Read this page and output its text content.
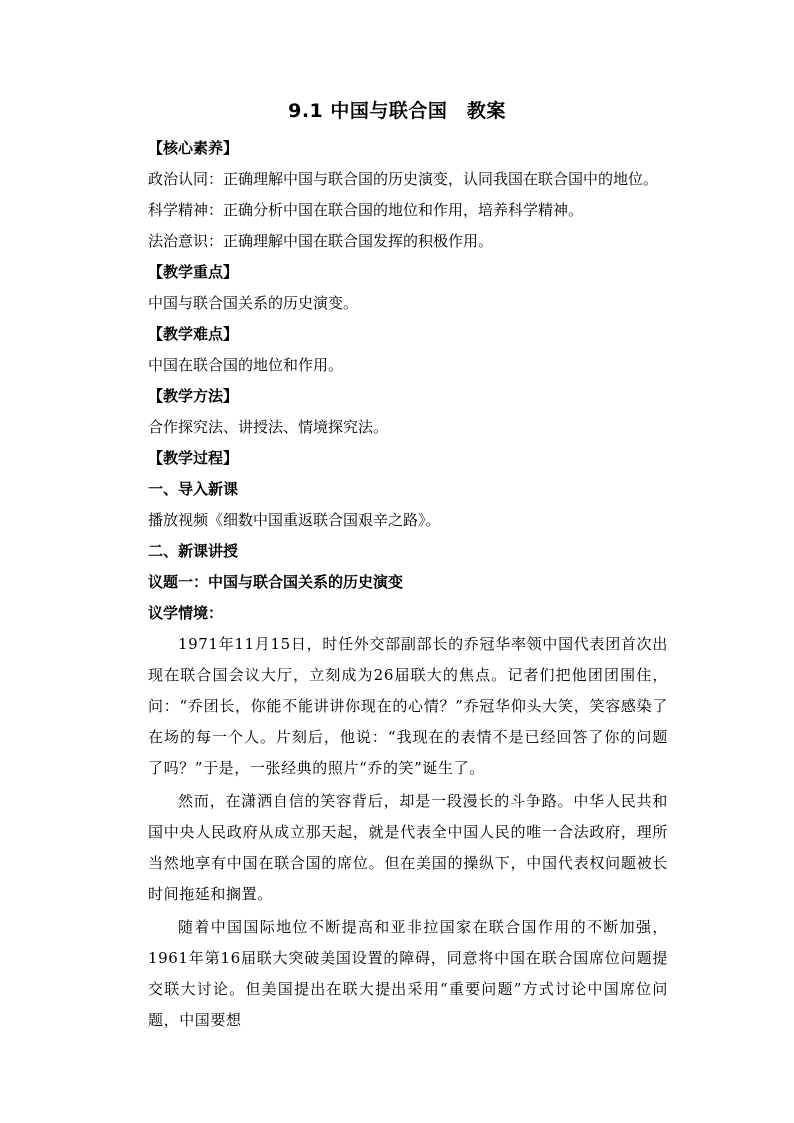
9.1 中国与联合国　教案

【核心素养】

政治认同：正确理解中国与联合国的历史演变，认同我国在联合国中的地位。

科学精神：正确分析中国在联合国的地位和作用，培养科学精神。

法治意识：正确理解中国在联合国发挥的积极作用。

【教学重点】

中国与联合国关系的历史演变。

【教学难点】

中国在联合国的地位和作用。

【教学方法】

合作探究法、讲授法、情境探究法。

【教学过程】

一、导入新课

播放视频《细数中国重返联合国艰辛之路》。

二、新课讲授

议题一：中国与联合国关系的历史演变

议学情境：

1971年11月15日，时任外交部副部长的乔冠华率领中国代表团首次出现在联合国会议大厅，立刻成为26届联大的焦点。记者们把他团团围住，问：“乔团长，你能不能讲讲你现在的心情？”乔冠华仰头大笑，笑容感染了在场的每一个人。片刻后，他说：“我现在的表情不是已经回答了你的问题了吗？”于是，一张经典的照片“乔的笑”诞生了。

然而，在潇洒自信的笑容背后，却是一段漫长的斗争路。中华人民共和国中央人民政府从成立那天起，就是代表全中国人民的唯一合法政府，理所当然地享有中国在联合国的席位。但在美国的操纵下，中国代表权问题被长时间拖延和搁置。

随着中国国际地位不断提高和亚非拉国家在联合国作用的不断加强，1961年第16届联大突破美国设置的障碍，同意将中国在联合国席位问题提交联大讨论。但美国提出在联大提出采用“重要问题”方式讨论中国席位问题，中国要想
